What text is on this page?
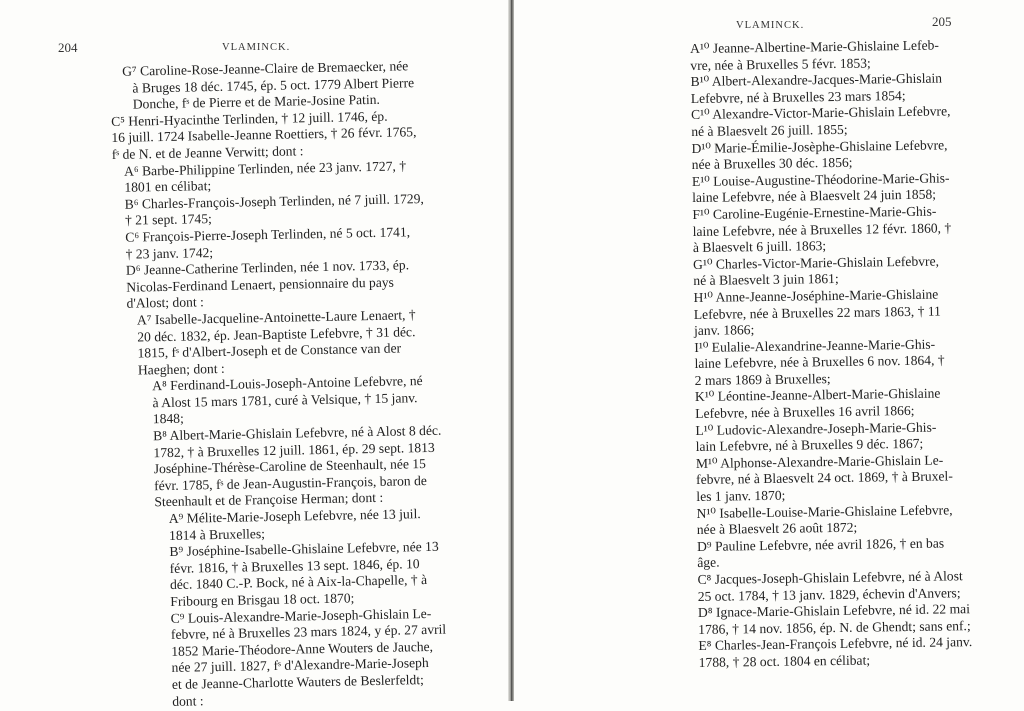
204	VLAMINCK.
205
VLAMINCK.
G⁷ Caroline-Rose-Jeanne-Claire de Bremaecker, née
à Bruges 18 déc. 1745, ép. 5 oct. 1779 Albert Pierre
Donche, fˢ de Pierre et de Marie-Josine Patin.
C⁵ Henri-Hyacinthe Terlinden, † 12 juill. 1746, ép.
16 juill. 1724 Isabelle-Jeanne Roettiers, † 26 févr. 1765,
fˢ de N. et de Jeanne Verwitt; dont :
A⁶ Barbe-Philippine Terlinden, née 23 janv. 1727, †
1801 en célibat;
B⁶ Charles-François-Joseph Terlinden, né 7 juill. 1729,
† 21 sept. 1745;
C⁶ François-Pierre-Joseph Terlinden, né 5 oct. 1741,
† 23 janv. 1742;
D⁶ Jeanne-Catherine Terlinden, née 1 nov. 1733, ép.
Nicolas-Ferdinand Lenaert, pensionnaire du pays
d'Alost; dont :
A⁷ Isabelle-Jacqueline-Antoinette-Laure Lenaert, †
20 déc. 1832, ép. Jean-Baptiste Lefebvre, † 31 déc.
1815, fˢ d'Albert-Joseph et de Constance van der
Haeghen; dont :
A⁸ Ferdinand-Louis-Joseph-Antoine Lefebvre, né
à Alost 15 mars 1781, curé à Velsique, † 15 janv.
1848;
B⁸ Albert-Marie-Ghislain Lefebvre, né à Alost 8 déc.
1782, † à Bruxelles 12 juill. 1861, ép. 29 sept. 1813
Joséphine-Thérèse-Caroline de Steenhault, née 15
févr. 1785, fˢ de Jean-Augustin-François, baron de
Steenhault et de Françoise Herman; dont :
A⁹ Mélite-Marie-Joseph Lefebvre, née 13 juil.
1814 à Bruxelles;
B⁹ Joséphine-Isabelle-Ghislaine Lefebvre, née 13
févr. 1816, † à Bruxelles 13 sept. 1846, ép. 10
déc. 1840 C.-P. Bock, né à Aix-la-Chapelle, † à
Fribourg en Brisgau 18 oct. 1870;
C⁹ Louis-Alexandre-Marie-Joseph-Ghislain Le-
febvre, né à Bruxelles 23 mars 1824, y ép. 27 avril
1852 Marie-Théodore-Anne Wouters de Jauche,
née 27 juill. 1827, fˢ d'Alexandre-Marie-Joseph
et de Jeanne-Charlotte Wauters de Beslerfeldt;
dont :
A¹⁰ Jeanne-Albertine-Marie-Ghislaine Lefeb-
vre, née à Bruxelles 5 févr. 1853;
B¹⁰ Albert-Alexandre-Jacques-Marie-Ghislain
Lefebvre, né à Bruxelles 23 mars 1854;
C¹⁰ Alexandre-Victor-Marie-Ghislain Lefebvre,
né à Blaesvelt 26 juill. 1855;
D¹⁰ Marie-Émilie-Josèphe-Ghislaine Lefebvre,
née à Bruxelles 30 déc. 1856;
E¹⁰ Louise-Augustine-Théodorine-Marie-Ghis-
laine Lefebvre, née à Blaesvelt 24 juin 1858;
F¹⁰ Caroline-Eugénie-Ernestine-Marie-Ghis-
laine Lefebvre, née à Bruxelles 12 févr. 1860, †
à Blaesvelt 6 juill. 1863;
G¹⁰ Charles-Victor-Marie-Ghislain Lefebvre,
né à Blaesvelt 3 juin 1861;
H¹⁰ Anne-Jeanne-Joséphine-Marie-Ghislaine
Lefebvre, née à Bruxelles 22 mars 1863, † 11
janv. 1866;
I¹⁰ Eulalie-Alexandrine-Jeanne-Marie-Ghis-
laine Lefebvre, née à Bruxelles 6 nov. 1864, †
2 mars 1869 à Bruxelles;
K¹⁰ Léontine-Jeanne-Albert-Marie-Ghislaine
Lefebvre, née à Bruxelles 16 avril 1866;
L¹⁰ Ludovic-Alexandre-Joseph-Marie-Ghis-
lain Lefebvre, né à Bruxelles 9 déc. 1867;
M¹⁰ Alphonse-Alexandre-Marie-Ghislain Le-
febvre, né à Blaesvelt 24 oct. 1869, † à Bruxel-
les 1 janv. 1870;
N¹⁰ Isabelle-Louise-Marie-Ghislaine Lefebvre,
née à Blaesvelt 26 août 1872;
D⁹ Pauline Lefebvre, née avril 1826, † en bas
âge.
C⁸ Jacques-Joseph-Ghislain Lefebvre, né à Alost
25 oct. 1784, † 13 janv. 1829, échevin d'Anvers;
D⁸ Ignace-Marie-Ghislain Lefebvre, né id. 22 mai
1786, † 14 nov. 1856, ép. N. de Ghendt; sans enf.;
E⁸ Charles-Jean-François Lefebvre, né id. 24 janv.
1788, † 28 oct. 1804 en célibat;
